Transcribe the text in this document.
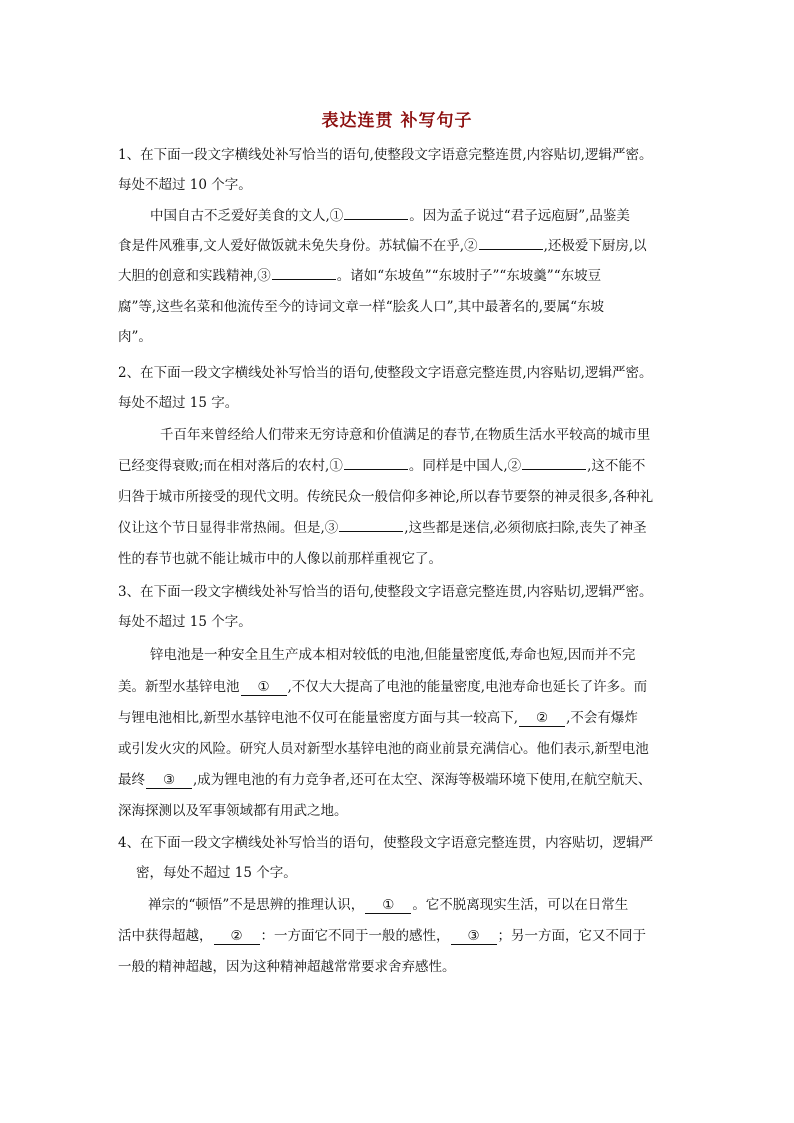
表达连贯 补写句子
1、在下面一段文字横线处补写恰当的语句,使整段文字语意完整连贯,内容贴切,逻辑严密。
每处不超过 10 个字。
中国自古不乏爱好美食的文人,①	。因为孟子说过“君子远庖厨”,品鉴美
食是件风雅事,文人爱好做饭就未免失身份。苏轼偏不在乎,②	,还极爱下厨房,以
大胆的创意和实践精神,③	。诸如“东坡鱼”“东坡肘子”“东坡羹”“东坡豆
腐”等,这些名菜和他流传至今的诗词文章一样“脍炙人口”,其中最著名的,要属“东坡
肉”。
2、在下面一段文字横线处补写恰当的语句,使整段文字语意完整连贯,内容贴切,逻辑严密。
每处不超过 15 字。
千百年来曾经给人们带来无穷诗意和价值满足的春节,在物质生活水平较高的城市里
已经变得衰败;而在相对落后的农村,①	。同样是中国人,②	,这不能不
归咎于城市所接受的现代文明。传统民众一般信仰多神论,所以春节要祭的神灵很多,各种礼
仪让这个节日显得非常热闹。但是,③	,这些都是迷信,必须彻底扫除,丧失了神圣
性的春节也就不能让城市中的人像以前那样重视它了。
3、在下面一段文字横线处补写恰当的语句,使整段文字语意完整连贯,内容贴切,逻辑严密。
每处不超过 15 个字。
锌电池是一种安全且生产成本相对较低的电池,但能量密度低,寿命也短,因而并不完
美。新型水基锌电池 ① ,不仅大大提高了电池的能量密度,电池寿命也延长了许多。而
与锂电池相比,新型水基锌电池不仅可在能量密度方面与其一较高下, ② ,不会有爆炸
或引发火灾的风险。研究人员对新型水基锌电池的商业前景充满信心。他们表示,新型电池
最终 ③ ,成为锂电池的有力竞争者,还可在太空、深海等极端环境下使用,在航空航天、
深海探测以及军事领域都有用武之地。
4、在下面一段文字横线处补写恰当的语句，使整段文字语意完整连贯，内容贴切，逻辑严
密，每处不超过 15 个字。
禅宗的“顿悟”不是思辨的推理认识， ① 。它不脱离现实生活，可以在日常生
活中获得超越， ② ：一方面它不同于一般的感性， ③ ；另一方面，它又不同于
一般的精神超越，因为这种精神超越常常要求舍弃感性。
